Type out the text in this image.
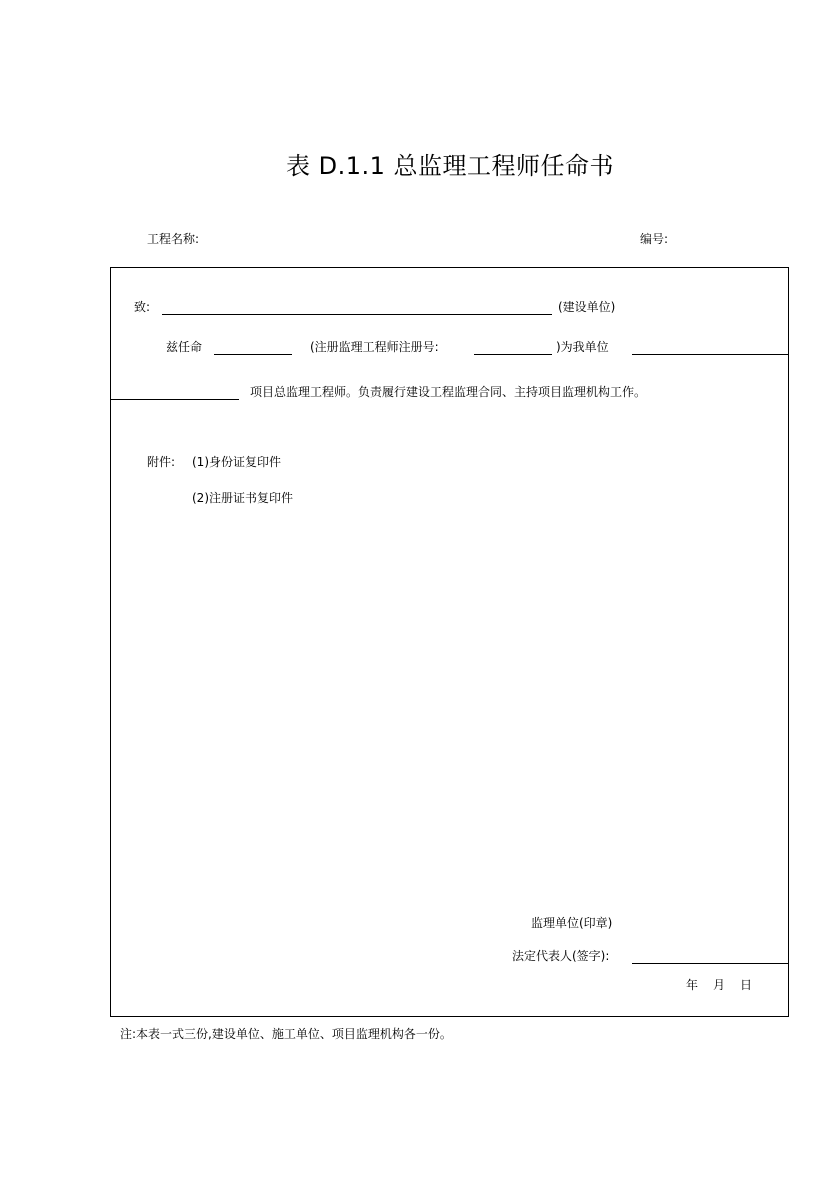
表 D.1.1 总监理工程师任命书
工程名称:	编号:
致:	(建设单位)
兹任命	(注册监理工程师注册号:	)为我单位
项目总监理工程师。负责履行建设工程监理合同、主持项目监理机构工作。
附件: (1)身份证复印件
(2)注册证书复印件
监理单位(印章)
法定代表人(签字):
年 月 日
注:本表一式三份,建设单位、施工单位、项目监理机构各一份。
